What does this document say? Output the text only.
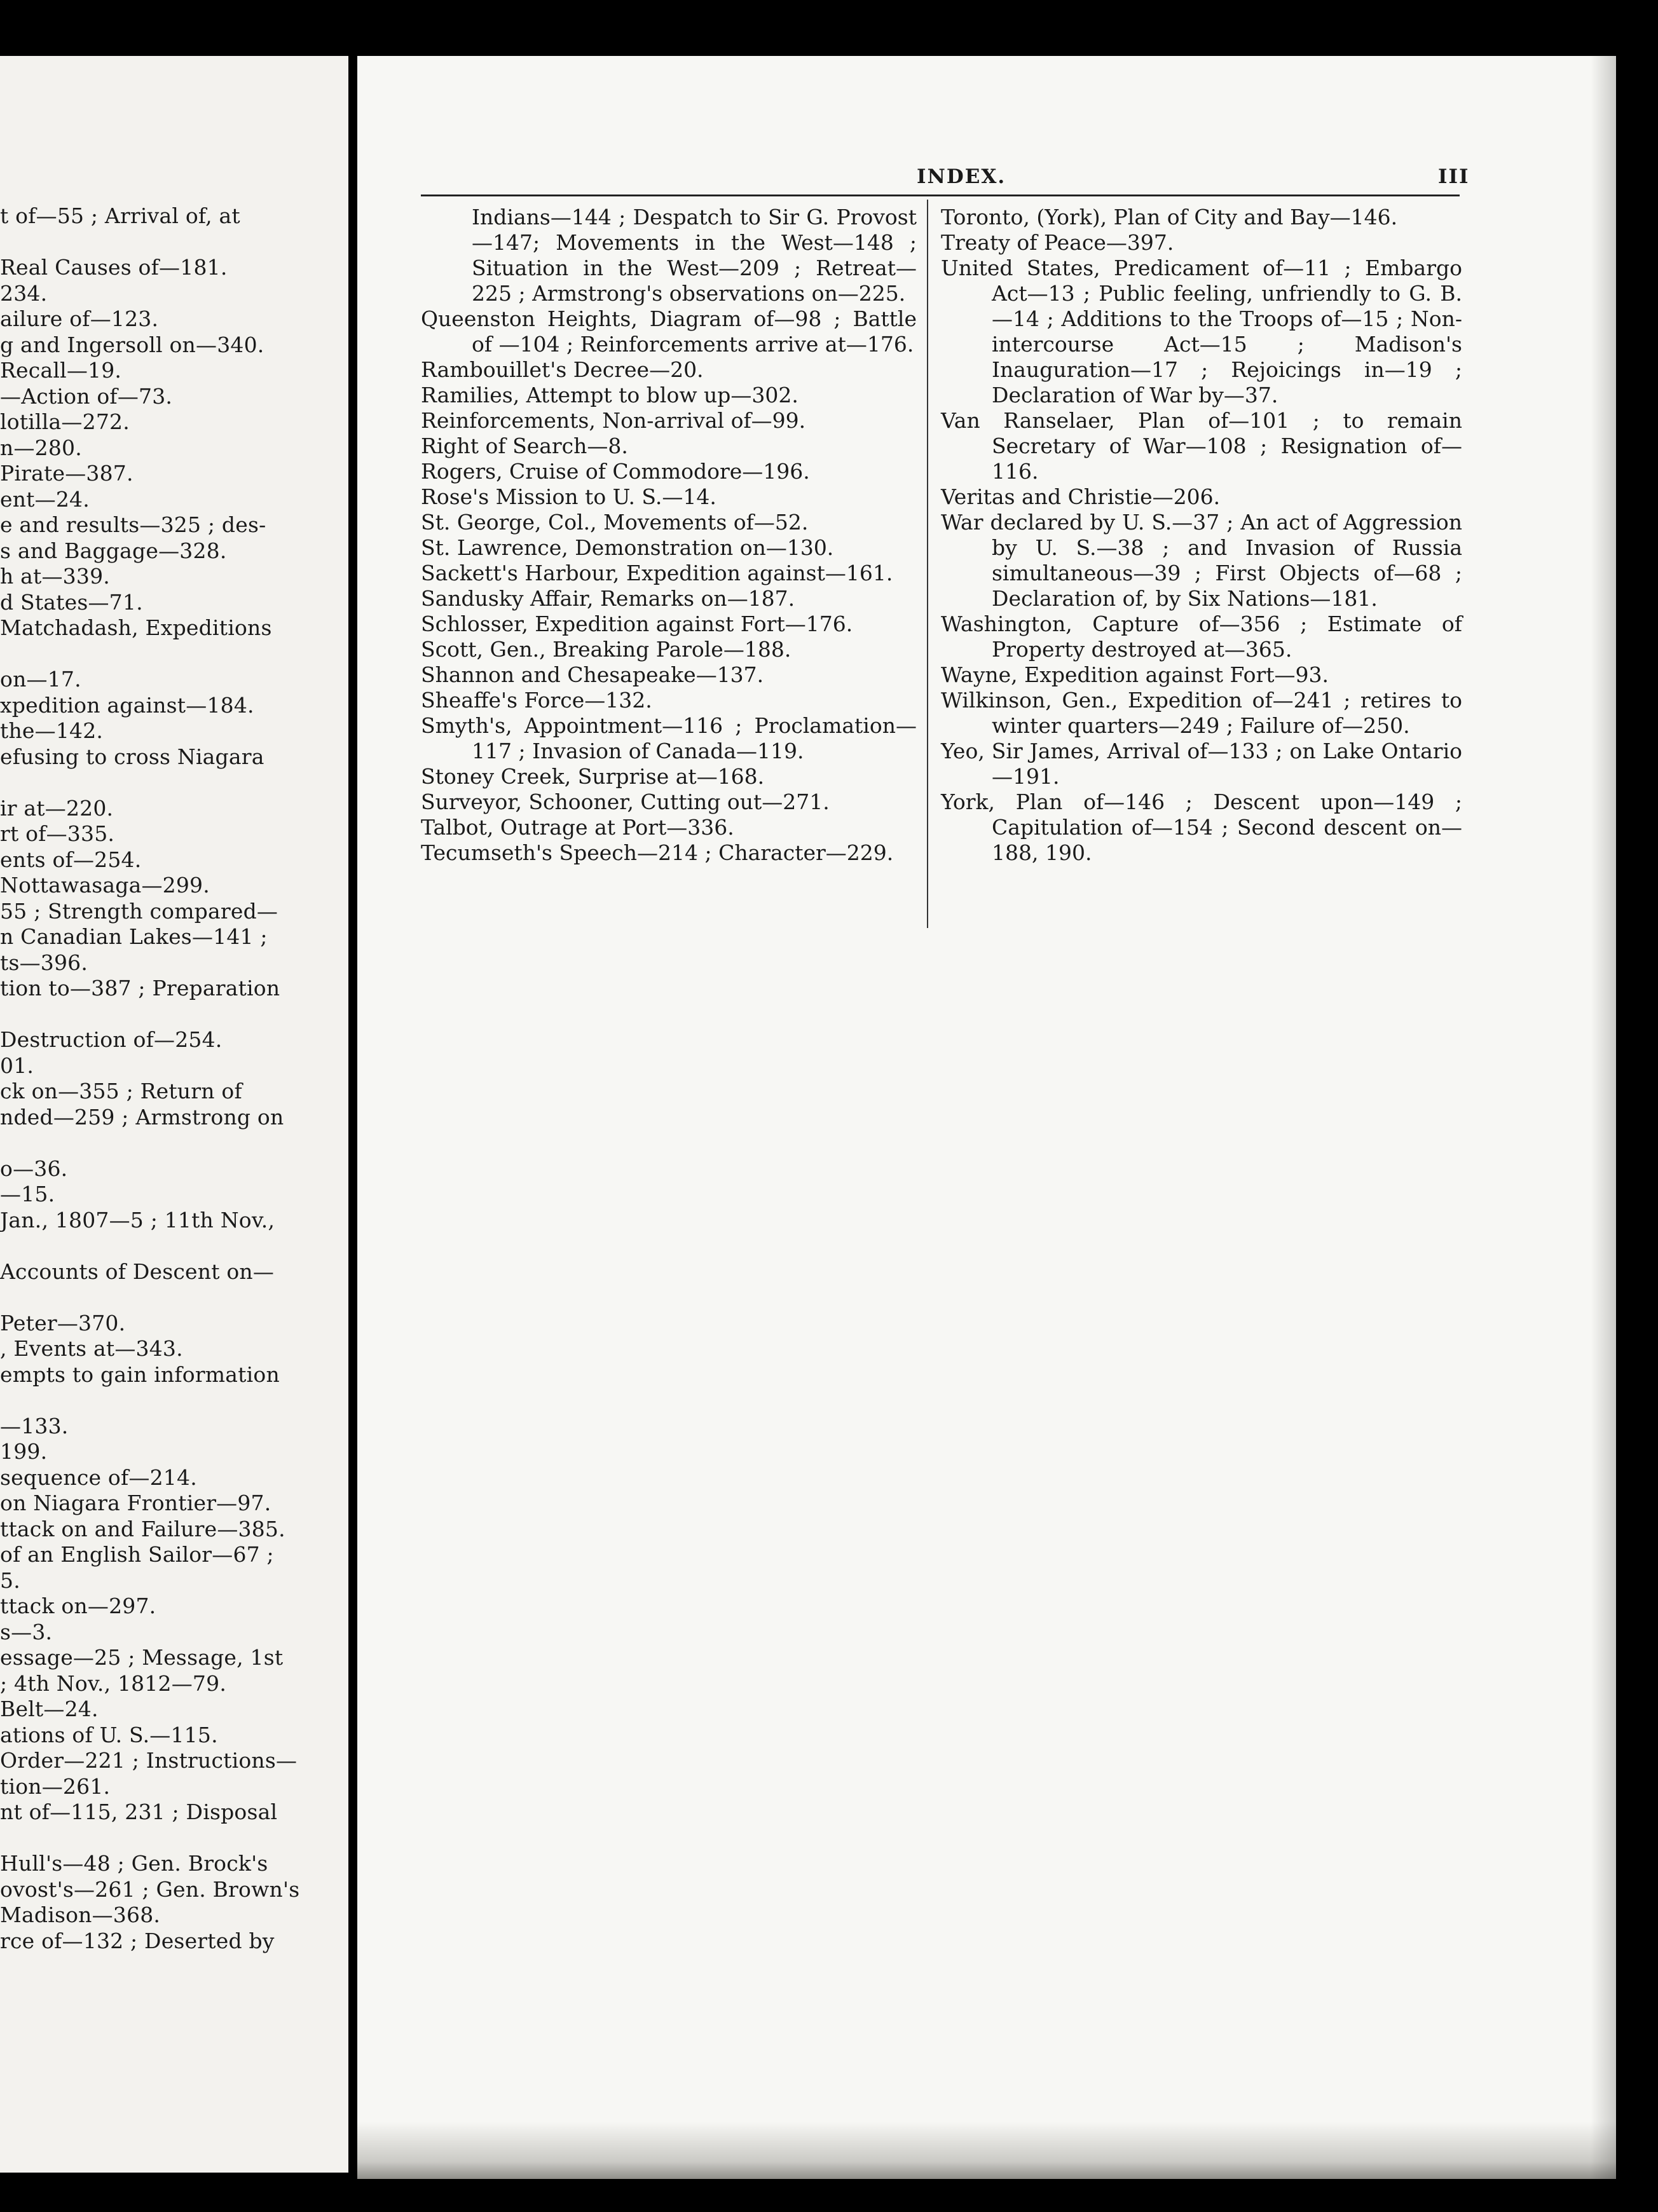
t of—55 ; Arrival of, at
Real Causes of—181.
234.
ailure of—123.
g and Ingersoll on—340.
Recall—19.
—Action of—73.
lotilla—272.
n—280.
Pirate—387.
ent—24.
e and results—325 ; des-
s and Baggage—328.
h at—339.
d States—71.
Matchadash, Expeditions
on—17.
xpedition against—184.
the—142.
efusing to cross Niagara
ir at—220.
rt of—335.
ents of—254.
Nottawasaga—299.
55 ; Strength compared—
n Canadian Lakes—141 ;
ts—396.
tion to—387 ; Preparation
Destruction of—254.
01.
ck on—355 ; Return of
nded—259 ; Armstrong on
o—36.
—15.
Jan., 1807—5 ; 11th Nov.,
Accounts of Descent on—
Peter—370.
, Events at—343.
empts to gain information
—133.
199.
sequence of—214.
on Niagara Frontier—97.
ttack on and Failure—385.
of an English Sailor—67 ;
5.
ttack on—297.
s—3.
essage—25 ; Message, 1st
; 4th Nov., 1812—79.
Belt—24.
ations of U. S.—115.
Order—221 ; Instructions—
tion—261.
nt of—115, 231 ; Disposal
Hull's—48 ; Gen. Brock's
ovost's—261 ; Gen. Brown's
Madison—368.
rce of—132 ; Deserted by
INDEX.	III

Indians—144 ; Despatch to Sir G. Provost —147; Movements in the West—148 ; Situation in the West—209 ; Retreat—225 ; Armstrong's observations on—225.

Queenston Heights, Diagram of—98 ; Battle of —104 ; Reinforcements arrive at—176.

Rambouillet's Decree—20.

Ramilies, Attempt to blow up—302.

Reinforcements, Non-arrival of—99.

Right of Search—8.

Rogers, Cruise of Commodore—196.

Rose's Mission to U. S.—14.

St. George, Col., Movements of—52.

St. Lawrence, Demonstration on—130.

Sackett's Harbour, Expedition against—161.

Sandusky Affair, Remarks on—187.

Schlosser, Expedition against Fort—176.

Scott, Gen., Breaking Parole—188.

Shannon and Chesapeake—137.

Sheaffe's Force—132.

Smyth's, Appointment—116 ; Proclamation—117 ; Invasion of Canada—119.

Stoney Creek, Surprise at—168.

Surveyor, Schooner, Cutting out—271.

Talbot, Outrage at Port—336.

Tecumseth's Speech—214 ; Character—229.

Toronto, (York), Plan of City and Bay—146.

Treaty of Peace—397.

United States, Predicament of—11 ; Embargo Act—13 ; Public feeling, unfriendly to G. B.—14 ; Additions to the Troops of—15 ; Non-intercourse Act—15 ; Madison's Inauguration—17 ; Rejoicings in—19 ; Declaration of War by—37.

Van Ranselaer, Plan of—101 ; to remain Secretary of War—108 ; Resignation of—116.

Veritas and Christie—206.

War declared by U. S.—37 ; An act of Aggression by U. S.—38 ; and Invasion of Russia simultaneous—39 ; First Objects of—68 ; Declaration of, by Six Nations—181.

Washington, Capture of—356 ; Estimate of Property destroyed at—365.

Wayne, Expedition against Fort—93.

Wilkinson, Gen., Expedition of—241 ; retires to winter quarters—249 ; Failure of—250.

Yeo, Sir James, Arrival of—133 ; on Lake Ontario—191.

York, Plan of—146 ; Descent upon—149 ; Capitulation of—154 ; Second descent on—188, 190.
